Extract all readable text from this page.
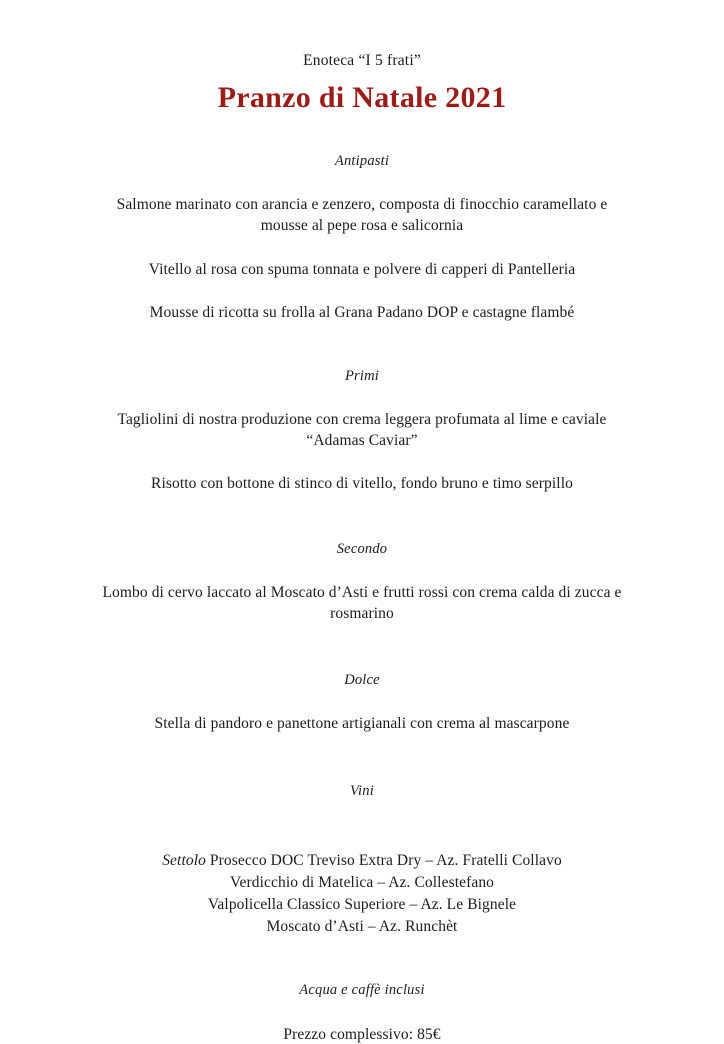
Enoteca “I 5 frati”
Pranzo di Natale 2021
Antipasti

Salmone marinato con arancia e zenzero, composta di finocchio caramellato e mousse al pepe rosa e salicornia

Vitello al rosa con spuma tonnata e polvere di capperi di Pantelleria

Mousse di ricotta su frolla al Grana Padano DOP e castagne flambé

Primi

Tagliolini di nostra produzione con crema leggera profumata al lime e caviale “Adamas Caviar”

Risotto con bottone di stinco di vitello, fondo bruno e timo serpillo

Secondo

Lombo di cervo laccato al Moscato d’Asti e frutti rossi con crema calda di zucca e rosmarino

Dolce

Stella di pandoro e panettone artigianali con crema al mascarpone

Vini
Settolo Prosecco DOC Treviso Extra Dry – Az. Fratelli Collavo
Verdicchio di Matelica – Az. Collestefano
Valpolicella Classico Superiore – Az. Le Bignele
Moscato d’Asti – Az. Runchèt

Acqua e caffè inclusi

Prezzo complessivo: 85€
